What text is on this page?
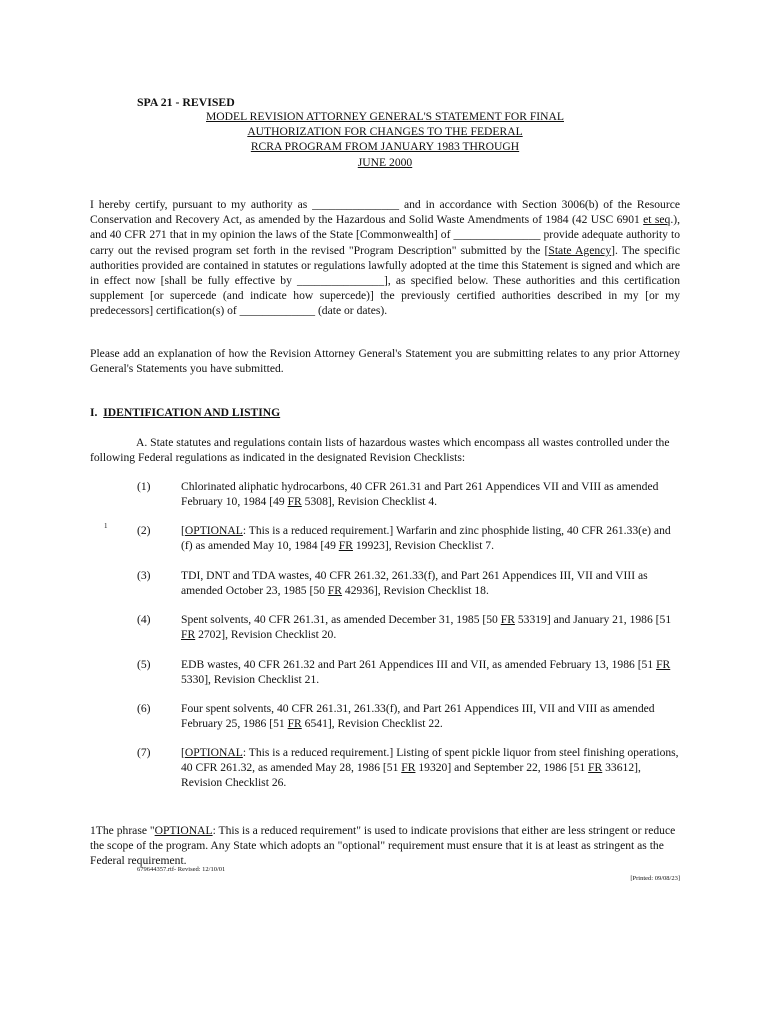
SPA 21 - REVISED
MODEL REVISION ATTORNEY GENERAL'S STATEMENT FOR FINAL
AUTHORIZATION FOR CHANGES TO THE FEDERAL
RCRA PROGRAM FROM JANUARY 1983 THROUGH
JUNE 2000
I hereby certify, pursuant to my authority as _______________ and in accordance with Section 3006(b) of the Resource Conservation and Recovery Act, as amended by the Hazardous and Solid Waste Amendments of 1984 (42 USC 6901 et seq.), and 40 CFR 271 that in my opinion the laws of the State [Commonwealth] of _______________ provide adequate authority to carry out the revised program set forth in the revised "Program Description" submitted by the [State Agency]. The specific authorities provided are contained in statutes or regulations lawfully adopted at the time this Statement is signed and which are in effect now [shall be fully effective by _______________], as specified below. These authorities and this certification supplement [or supercede (and indicate how supercede)] the previously certified authorities described in my [or my predecessors] certification(s) of _____________ (date or dates).
Please add an explanation of how the Revision Attorney General's Statement you are submitting relates to any prior Attorney General's Statements you have submitted.
I. IDENTIFICATION AND LISTING
A. State statutes and regulations contain lists of hazardous wastes which encompass all wastes controlled under the following Federal regulations as indicated in the designated Revision Checklists:
1
(1)	Chlorinated aliphatic hydrocarbons, 40 CFR 261.31 and Part 261 Appendices VII and VIII as amended February 10, 1984 [49 FR 5308], Revision Checklist 4.
(2)	[OPTIONAL: This is a reduced requirement.] Warfarin and zinc phosphide listing, 40 CFR 261.33(e) and (f) as amended May 10, 1984 [49 FR 19923], Revision Checklist 7.
(3)	TDI, DNT and TDA wastes, 40 CFR 261.32, 261.33(f), and Part 261 Appendices III, VII and VIII as amended October 23, 1985 [50 FR 42936], Revision Checklist 18.
(4)	Spent solvents, 40 CFR 261.31, as amended December 31, 1985 [50 FR 53319] and January 21, 1986 [51 FR 2702], Revision Checklist 20.
(5)	EDB wastes, 40 CFR 261.32 and Part 261 Appendices III and VII, as amended February 13, 1986 [51 FR 5330], Revision Checklist 21.
(6)	Four spent solvents, 40 CFR 261.31, 261.33(f), and Part 261 Appendices III, VII and VIII as amended February 25, 1986 [51 FR 6541], Revision Checklist 22.
(7)	[OPTIONAL: This is a reduced requirement.] Listing of spent pickle liquor from steel finishing operations, 40 CFR 261.32, as amended May 28, 1986 [51 FR 19320] and September 22, 1986 [51 FR 33612], Revision Checklist 26.
1The phrase "OPTIONAL: This is a reduced requirement" is used to indicate provisions that either are less stringent or reduce the scope of the program. Any State which adopts an "optional" requirement must ensure that it is at least as stringent as the Federal requirement.
679644357.rtf- Revised: 12/10/01
[Printed: 09/08/23]
